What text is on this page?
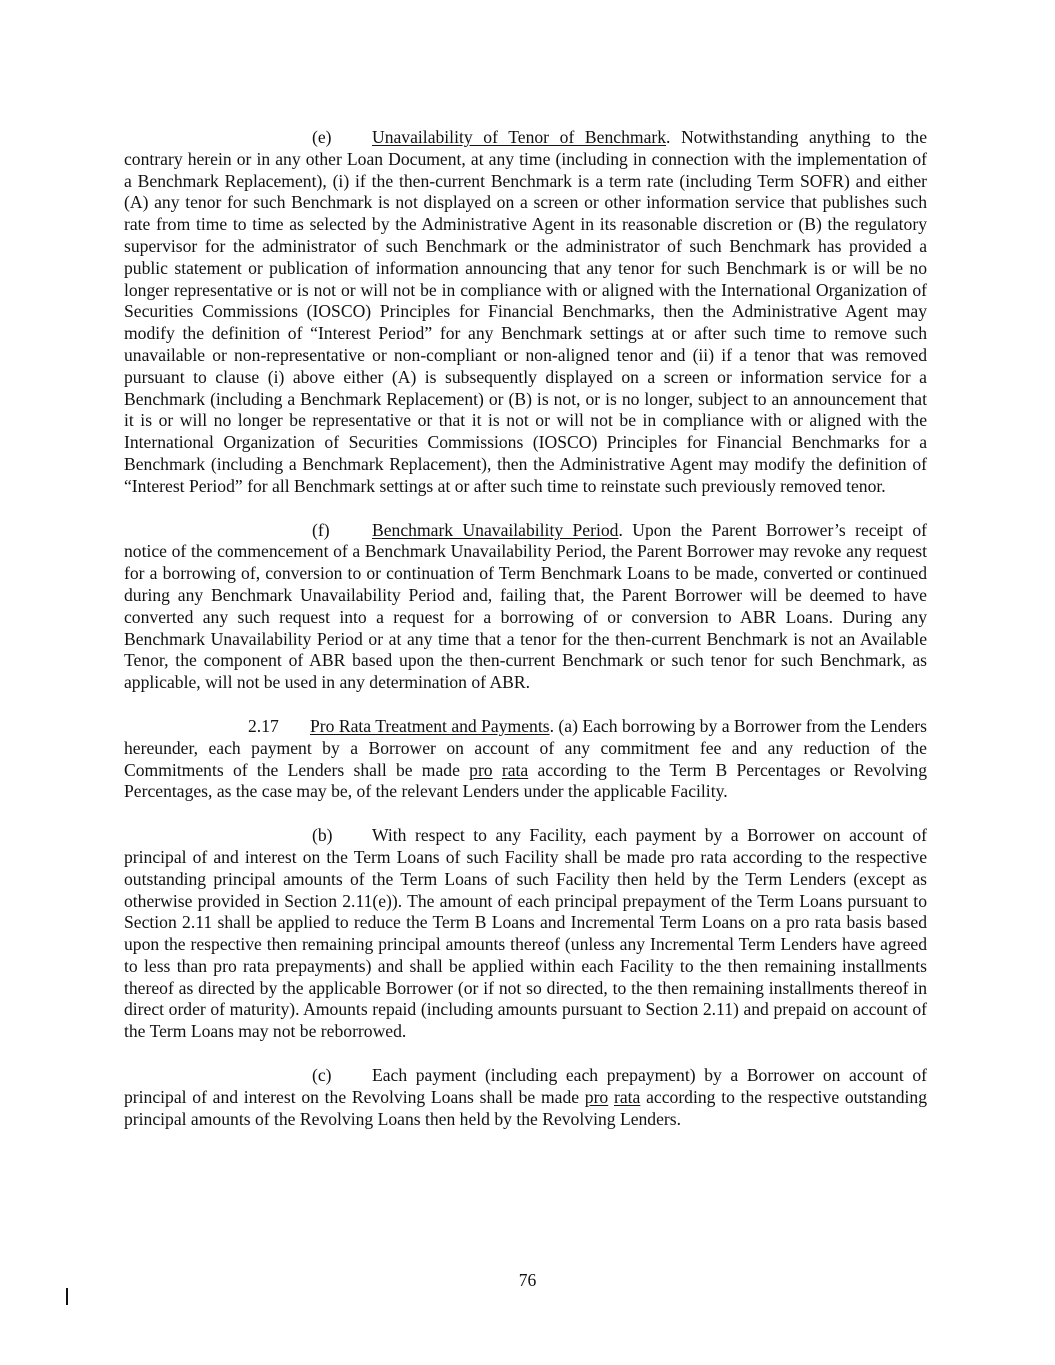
(e) Unavailability of Tenor of Benchmark. Notwithstanding anything to the contrary herein or in any other Loan Document, at any time (including in connection with the implementation of a Benchmark Replacement), (i) if the then-current Benchmark is a term rate (including Term SOFR) and either (A) any tenor for such Benchmark is not displayed on a screen or other information service that publishes such rate from time to time as selected by the Administrative Agent in its reasonable discretion or (B) the regulatory supervisor for the administrator of such Benchmark or the administrator of such Benchmark has provided a public statement or publication of information announcing that any tenor for such Benchmark is or will be no longer representative or is not or will not be in compliance with or aligned with the International Organization of Securities Commissions (IOSCO) Principles for Financial Benchmarks, then the Administrative Agent may modify the definition of “Interest Period” for any Benchmark settings at or after such time to remove such unavailable or non-representative or non-compliant or non-aligned tenor and (ii) if a tenor that was removed pursuant to clause (i) above either (A) is subsequently displayed on a screen or information service for a Benchmark (including a Benchmark Replacement) or (B) is not, or is no longer, subject to an announcement that it is or will no longer be representative or that it is not or will not be in compliance with or aligned with the International Organization of Securities Commissions (IOSCO) Principles for Financial Benchmarks for a Benchmark (including a Benchmark Replacement), then the Administrative Agent may modify the definition of “Interest Period” for all Benchmark settings at or after such time to reinstate such previously removed tenor.

(f) Benchmark Unavailability Period. Upon the Parent Borrower’s receipt of notice of the commencement of a Benchmark Unavailability Period, the Parent Borrower may revoke any request for a borrowing of, conversion to or continuation of Term Benchmark Loans to be made, converted or continued during any Benchmark Unavailability Period and, failing that, the Parent Borrower will be deemed to have converted any such request into a request for a borrowing of or conversion to ABR Loans. During any Benchmark Unavailability Period or at any time that a tenor for the then-current Benchmark is not an Available Tenor, the component of ABR based upon the then-current Benchmark or such tenor for such Benchmark, as applicable, will not be used in any determination of ABR.

2.17 Pro Rata Treatment and Payments. (a) Each borrowing by a Borrower from the Lenders hereunder, each payment by a Borrower on account of any commitment fee and any reduction of the Commitments of the Lenders shall be made pro rata according to the Term B Percentages or Revolving Percentages, as the case may be, of the relevant Lenders under the applicable Facility.

(b) With respect to any Facility, each payment by a Borrower on account of principal of and interest on the Term Loans of such Facility shall be made pro rata according to the respective outstanding principal amounts of the Term Loans of such Facility then held by the Term Lenders (except as otherwise provided in Section 2.11(e)). The amount of each principal prepayment of the Term Loans pursuant to Section 2.11 shall be applied to reduce the Term B Loans and Incremental Term Loans on a pro rata basis based upon the respective then remaining principal amounts thereof (unless any Incremental Term Lenders have agreed to less than pro rata prepayments) and shall be applied within each Facility to the then remaining installments thereof as directed by the applicable Borrower (or if not so directed, to the then remaining installments thereof in direct order of maturity). Amounts repaid (including amounts pursuant to Section 2.11) and prepaid on account of the Term Loans may not be reborrowed.

(c) Each payment (including each prepayment) by a Borrower on account of principal of and interest on the Revolving Loans shall be made pro rata according to the respective outstanding principal amounts of the Revolving Loans then held by the Revolving Lenders.

76
